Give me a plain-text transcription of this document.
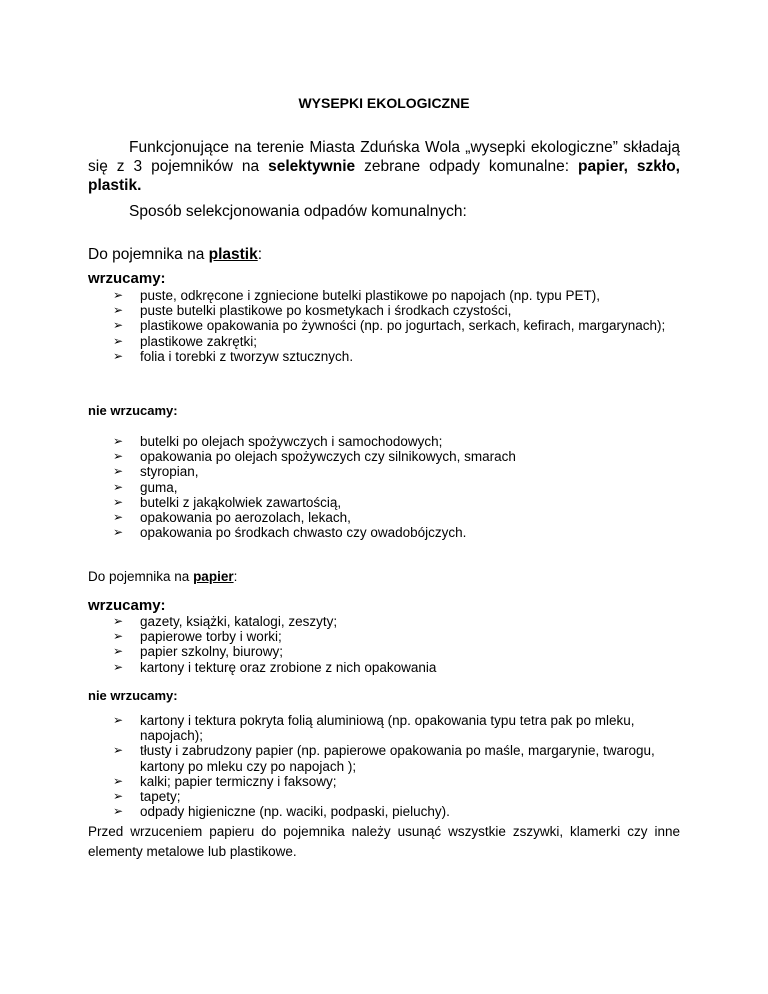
WYSEPKI EKOLOGICZNE
Funkcjonujące na terenie Miasta Zduńska Wola „wysepki ekologiczne” składają się z 3 pojemników na selektywnie zebrane odpady komunalne: papier, szkło, plastik.
Sposób selekcjonowania odpadów komunalnych:
Do pojemnika na plastik:
wrzucamy:
➢ puste, odkręcone i zgniecione butelki plastikowe po napojach (np. typu PET),
➢ puste butelki plastikowe po kosmetykach i środkach czystości,
➢ plastikowe opakowania po żywności (np. po jogurtach, serkach, kefirach, margarynach);
➢ plastikowe zakrętki;
➢ folia i torebki z tworzyw sztucznych.
nie wrzucamy:
➢ butelki po olejach spożywczych i samochodowych;
➢ opakowania po olejach spożywczych czy silnikowych, smarach
➢ styropian,
➢ guma,
➢ butelki z jakąkolwiek zawartością,
➢ opakowania po aerozolach, lekach,
➢ opakowania po środkach chwasto czy owadobójczych.
Do pojemnika na papier:
wrzucamy:
➢ gazety, książki, katalogi, zeszyty;
➢ papierowe torby i worki;
➢ papier szkolny, biurowy;
➢ kartony i tekturę oraz zrobione z nich opakowania
nie wrzucamy:
➢ kartony i tektura pokryta folią aluminiową (np. opakowania typu tetra pak po mleku, napojach);
➢ tłusty i zabrudzony papier (np. papierowe opakowania po maśle, margarynie, twarogu, kartony po mleku czy po napojach );
➢ kalki; papier termiczny i faksowy;
➢ tapety;
➢ odpady higieniczne (np. waciki, podpaski, pieluchy).
Przed wrzuceniem papieru do pojemnika należy usunąć wszystkie zszywki, klamerki czy inne elementy metalowe lub plastikowe.
